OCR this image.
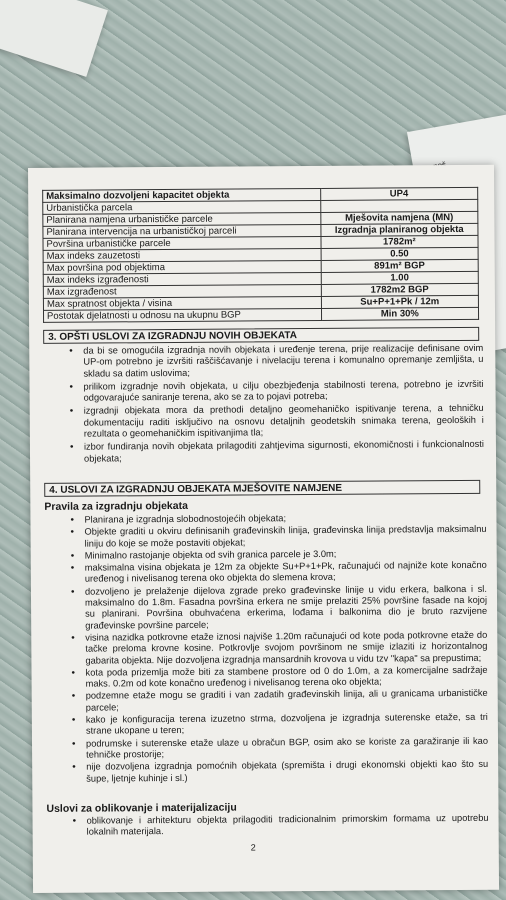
Maksimalno dozvoljeni kapacitet objekta	UP4
Urbanistička parcela	
Planirana namjena urbanističke parcele	Mješovita namjena (MN)
Planirana intervencija na urbanističkoj parceli	Izgradnja planiranog objekta
Površina urbanističke parcele	1782m²
Max indeks zauzetosti	0.50
Max površina pod objektima	891m² BGP
Max indeks izgrađenosti	1.00
Max izgrađenost	1782m2 BGP
Max spratnost objekta / visina	Su+P+1+Pk / 12m
Postotak djelatnosti u odnosu na ukupnu BGP	Min 30%
3. OPŠTI USLOVI ZA IZGRADNJU NOVIH OBJEKATA
• da bi se omogućila izgradnja novih objekata i uređenje terena, prije realizacije definisane ovim UP-om potrebno je izvršiti raščišćavanje i nivelaciju terena i komunalno opremanje zemljišta, u skladu sa datim uslovima;
• prilikom izgradnje novih objekata, u cilju obezbjeđenja stabilnosti terena, potrebno je izvršiti odgovarajuće saniranje terena, ako se za to pojavi potreba;
• izgradnji objekata mora da prethodi detaljno geomehaničko ispitivanje terena, a tehničku dokumentaciju raditi isključivo na osnovu detaljnih geodetskih snimaka terena, geoloških i rezultata o geomehaničkim ispitivanjima tla;
• izbor fundiranja novih objekata prilagoditi zahtjevima sigurnosti, ekonomičnosti i funkcionalnosti objekata;
4. USLOVI ZA IZGRADNJU OBJEKATA MJEŠOVITE NAMJENE
Pravila za izgradnju objekata
• Planirana je izgradnja slobodnostojećih objekata;
• Objekte graditi u okviru definisanih građevinskih linija, građevinska linija predstavlja maksimalnu liniju do koje se može postaviti objekat;
• Minimalno rastojanje objekta od svih granica parcele je 3.0m;
• maksimalna visina objekata je 12m za objekte Su+P+1+Pk, računajući od najniže kote konačno uređenog i nivelisanog terena oko objekta do slemena krova;
• dozvoljeno je prelaženje dijelova zgrade preko građevinske linije u vidu erkera, balkona i sl. maksimalno do 1.8m. Fasadna površina erkera ne smije prelaziti 25% površine fasade na kojoj su planirani. Površina obuhvaćena erkerima, lođama i balkonima dio je bruto razvijene građevinske površine parcele;
• visina nazidka potkrovne etaže iznosi najviše 1.20m računajući od kote poda potkrovne etaže do tačke preloma krovne kosine. Potkrovlje svojom površinom ne smije izlaziti iz horizontalnog gabarita objekta. Nije dozvoljena izgradnja mansardnih krovova u vidu tzv "kapa" sa prepustima;
• kota poda prizemlja može biti za stambene prostore od 0 do 1.0m, a za komercijalne sadržaje maks. 0.2m od kote konačno uređenog i nivelisanog terena oko objekta;
• podzemne etaže mogu se graditi i van zadatih građevinskih linija, ali u granicama urbanističke parcele;
• kako je konfiguracija terena izuzetno strma, dozvoljena je izgradnja suterenske etaže, sa tri strane ukopane u teren;
• podrumske i suterenske etaže ulaze u obračun BGP, osim ako se koriste za garažiranje ili kao tehničke prostorije;
• nije dozvoljena izgradnja pomoćnih objekata (spremišta i drugi ekonomski objekti kao što su šupe, ljetnje kuhinje i sl.)
Uslovi za oblikovanje i materijalizaciju
• oblikovanje i arhitekturu objekta prilagoditi tradicionalnim primorskim formama uz upotrebu lokalnih materijala.
2
